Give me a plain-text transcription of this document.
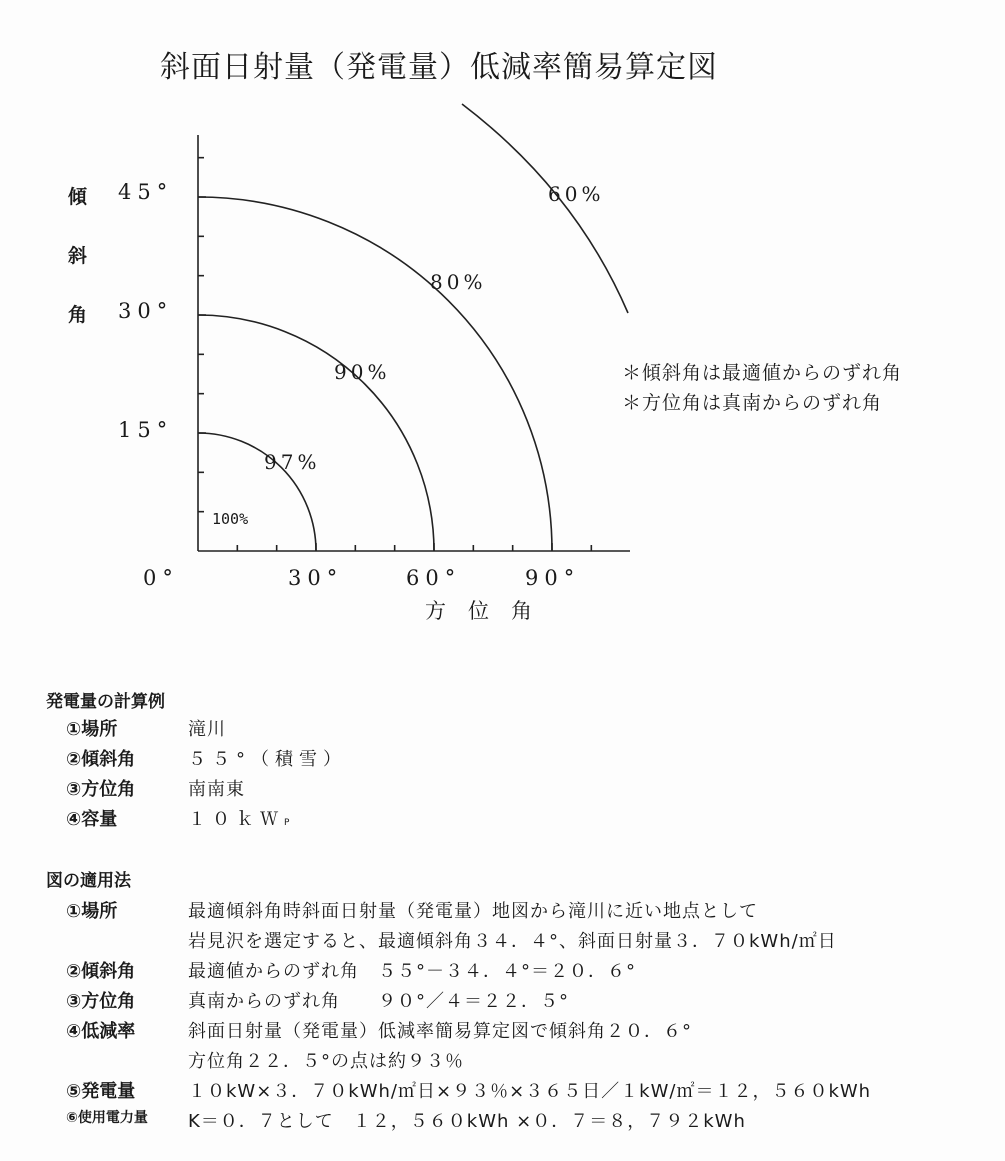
斜面日射量（発電量）低減率簡易算定図
45°
30°
15°
傾
斜
角
0°	30°	60°	90°
方位角
60%
80%
90%
97%
100%
＊傾斜角は最適値からのずれ角
＊方位角は真南からのずれ角
発電量の計算例
①場所	滝川
②傾斜角	５５°（積雪）
③方位角	南南東
④容量	１０ｋＷP
図の適用法
①場所	最適傾斜角時斜面日射量（発電量）地図から滝川に近い地点として
岩見沢を選定すると、最適傾斜角３４．４°、斜面日射量３．７０kWh/㎡日
②傾斜角	最適値からのずれ角　５５°－３４．４°＝２０．６°
③方位角	真南からのずれ角　　９０°／４＝２２．５°
④低減率	斜面日射量（発電量）低減率簡易算定図で傾斜角２０．６°
方位角２２．５°の点は約９３％
⑤発電量	１０kW×３．７０kWh/㎡日×９３％×３６５日／１kW/㎡＝１２，５６０kWh
⑥使用電力量 K＝０．７として　１２，５６０kWh ×０．７＝８，７９２kWh
